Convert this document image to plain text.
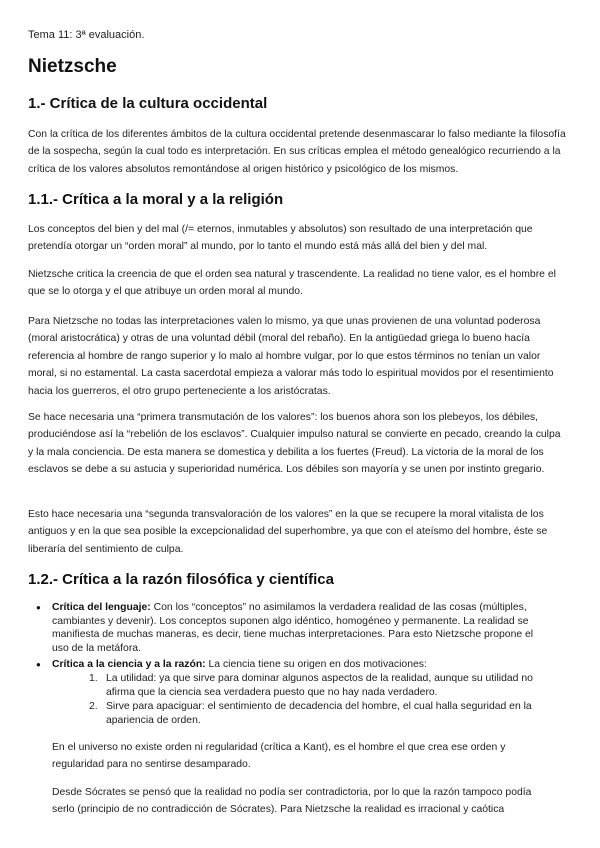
Tema 11: 3ª evaluación.
Nietzsche
1.- Crítica de la cultura occidental

Con la crítica de los diferentes ámbitos de la cultura occidental pretende desenmascarar lo falso mediante la filosofía de la sospecha, según la cual todo es interpretación. En sus críticas emplea el método genealógico recurriendo a la crítica de los valores absolutos remontándose al origen histórico y psicológico de los mismos.

1.1.- Crítica a la moral y a la religión

Los conceptos del bien y del mal (/= eternos, inmutables y absolutos) son resultado de una interpretación que pretendía otorgar un “orden moral” al mundo, por lo tanto el mundo está más allá del bien y del mal.

Nietzsche critica la creencia de que el orden sea natural y trascendente. La realidad no tiene valor, es el hombre el que se lo otorga y el que atribuye un orden moral al mundo.

Para Nietzsche no todas las interpretaciones valen lo mismo, ya que unas provienen de una voluntad poderosa (moral aristocrática) y otras de una voluntad débil (moral del rebaño). En la antigüedad griega lo bueno hacía referencia al hombre de rango superior y lo malo al hombre vulgar, por lo que estos términos no tenían un valor moral, si no estamental. La casta sacerdotal empieza a valorar más todo lo espiritual movidos por el resentimiento hacia los guerreros, el otro grupo perteneciente a los aristócratas.

Se hace necesaria una “primera transmutación de los valores”: los buenos ahora son los plebeyos, los débiles, produciéndose así la “rebelión de los esclavos”. Cualquier impulso natural se convierte en pecado, creando la culpa y la mala conciencia. De esta manera se domestica y debilita a los fuertes (Freud). La victoria de la moral de los esclavos se debe a su astucia y superioridad numérica. Los débiles son mayoría y se unen por instinto gregario.

Esto hace necesaria una “segunda transvaloración de los valores” en la que se recupere la moral vitalista de los antiguos y en la que sea posible la excepcionalidad del superhombre, ya que con el ateísmo del hombre, éste se liberaría del sentimiento de culpa.

1.2.- Crítica a la razón filosófica y científica

● Crítica del lenguaje: Con los “conceptos” no asimilamos la verdadera realidad de las cosas (múltiples, cambiantes y devenir). Los conceptos suponen algo idéntico, homogéneo y permanente. La realidad se manifiesta de muchas maneras, es decir, tiene muchas interpretaciones. Para esto Nietzsche propone el uso de la metáfora.

● Crítica a la ciencia y a la razón: La ciencia tiene su origen en dos motivaciones:

1. La utilidad: ya que sirve para dominar algunos aspectos de la realidad, aunque su utilidad no afirma que la ciencia sea verdadera puesto que no hay nada verdadero.

2. Sirve para apaciguar: el sentimiento de decadencia del hombre, el cual halla seguridad en la apariencia de orden.

En el universo no existe orden ni regularidad (crítica a Kant), es el hombre el que crea ese orden y regularidad para no sentirse desamparado.

Desde Sócrates se pensó que la realidad no podía ser contradictoria, por lo que la razón tampoco podía serlo (principio de no contradicción de Sócrates). Para Nietzsche la realidad es irracional y caótica
